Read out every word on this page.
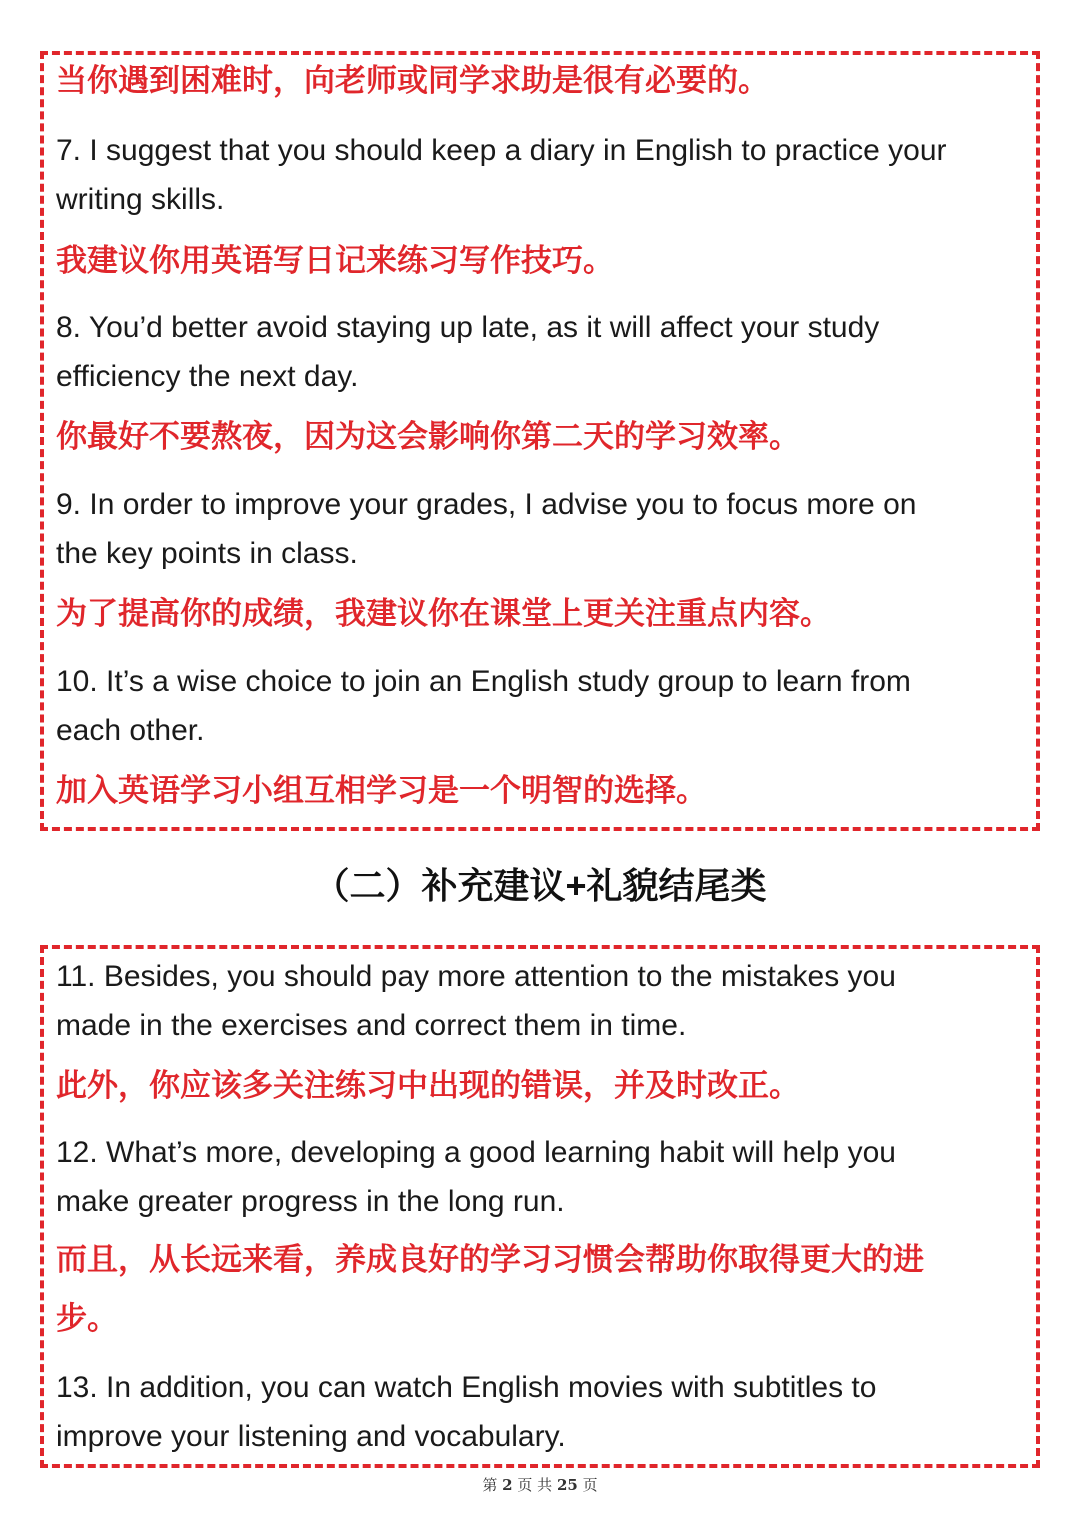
当你遇到困难时，向老师或同学求助是很有必要的。

7. I suggest that you should keep a diary in English to practice your

writing skills.

我建议你用英语写日记来练习写作技巧。

8. You’d better avoid staying up late, as it will affect your study

efficiency the next day.

你最好不要熬夜，因为这会影响你第二天的学习效率。

9. In order to improve your grades, I advise you to focus more on

the key points in class.

为了提高你的成绩，我建议你在课堂上更关注重点内容。

10. It’s a wise choice to join an English study group to learn from

each other.

加入英语学习小组互相学习是一个明智的选择。

（二）补充建议+礼貌结尾类

11. Besides, you should pay more attention to the mistakes you

made in the exercises and correct them in time.

此外，你应该多关注练习中出现的错误，并及时改正。

12. What’s more, developing a good learning habit will help you

make greater progress in the long run.

而且，从长远来看，养成良好的学习习惯会帮助你取得更大的进

步。

13. In addition, you can watch English movies with subtitles to

improve your listening and vocabulary.

第 2 页 共 25 页
